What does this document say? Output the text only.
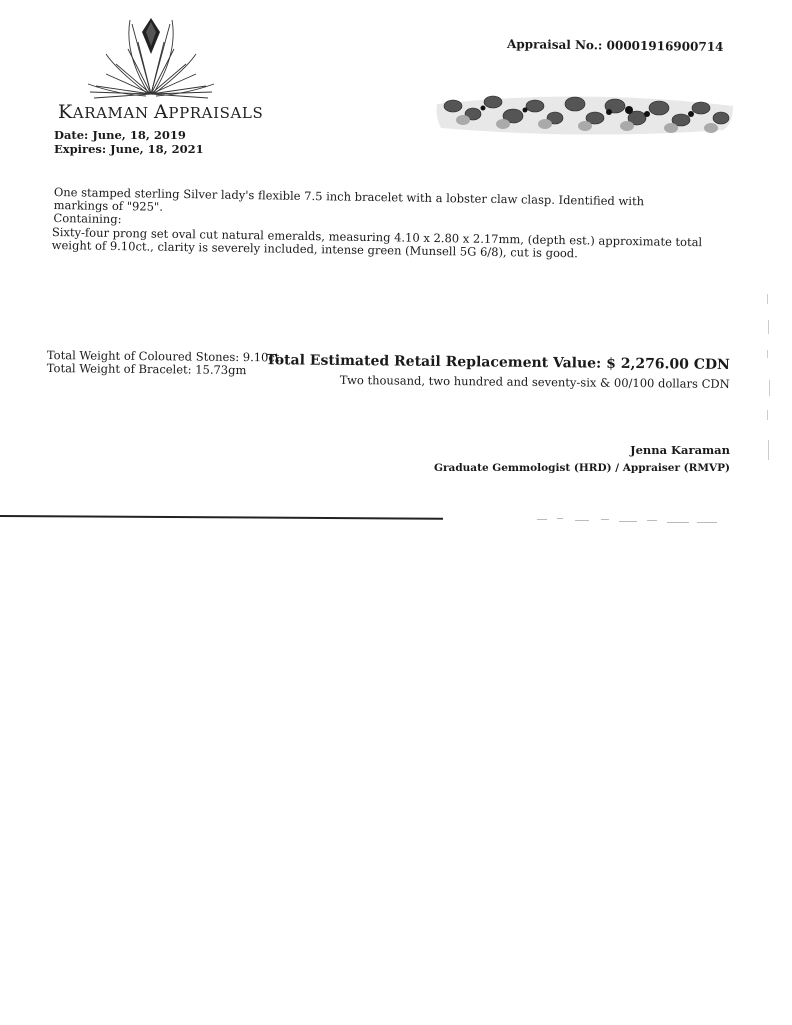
KARAMAN APPRAISALS
Date: June, 18, 2019
Expires: June, 18, 2021
Appraisal No.: 00001916900714
One stamped sterling Silver lady's flexible 7.5 inch bracelet with a lobster claw clasp. Identified with markings of "925".
Containing:
Sixty-four prong set oval cut natural emeralds, measuring 4.10 x 2.80 x 2.17mm, (depth est.) approximate total weight of 9.10ct., clarity is severely included, intense green (Munsell 5G 6/8), cut is good.
Total Weight of Coloured Stones: 9.10ct.
Total Weight of Bracelet: 15.73gm	Total Estimated Retail Replacement Value: $ 2,276.00 CDN
Two thousand, two hundred and seventy-six & 00/100 dollars CDN
Jenna Karaman
Graduate Gemmologist (HRD) / Appraiser (RMVP)
